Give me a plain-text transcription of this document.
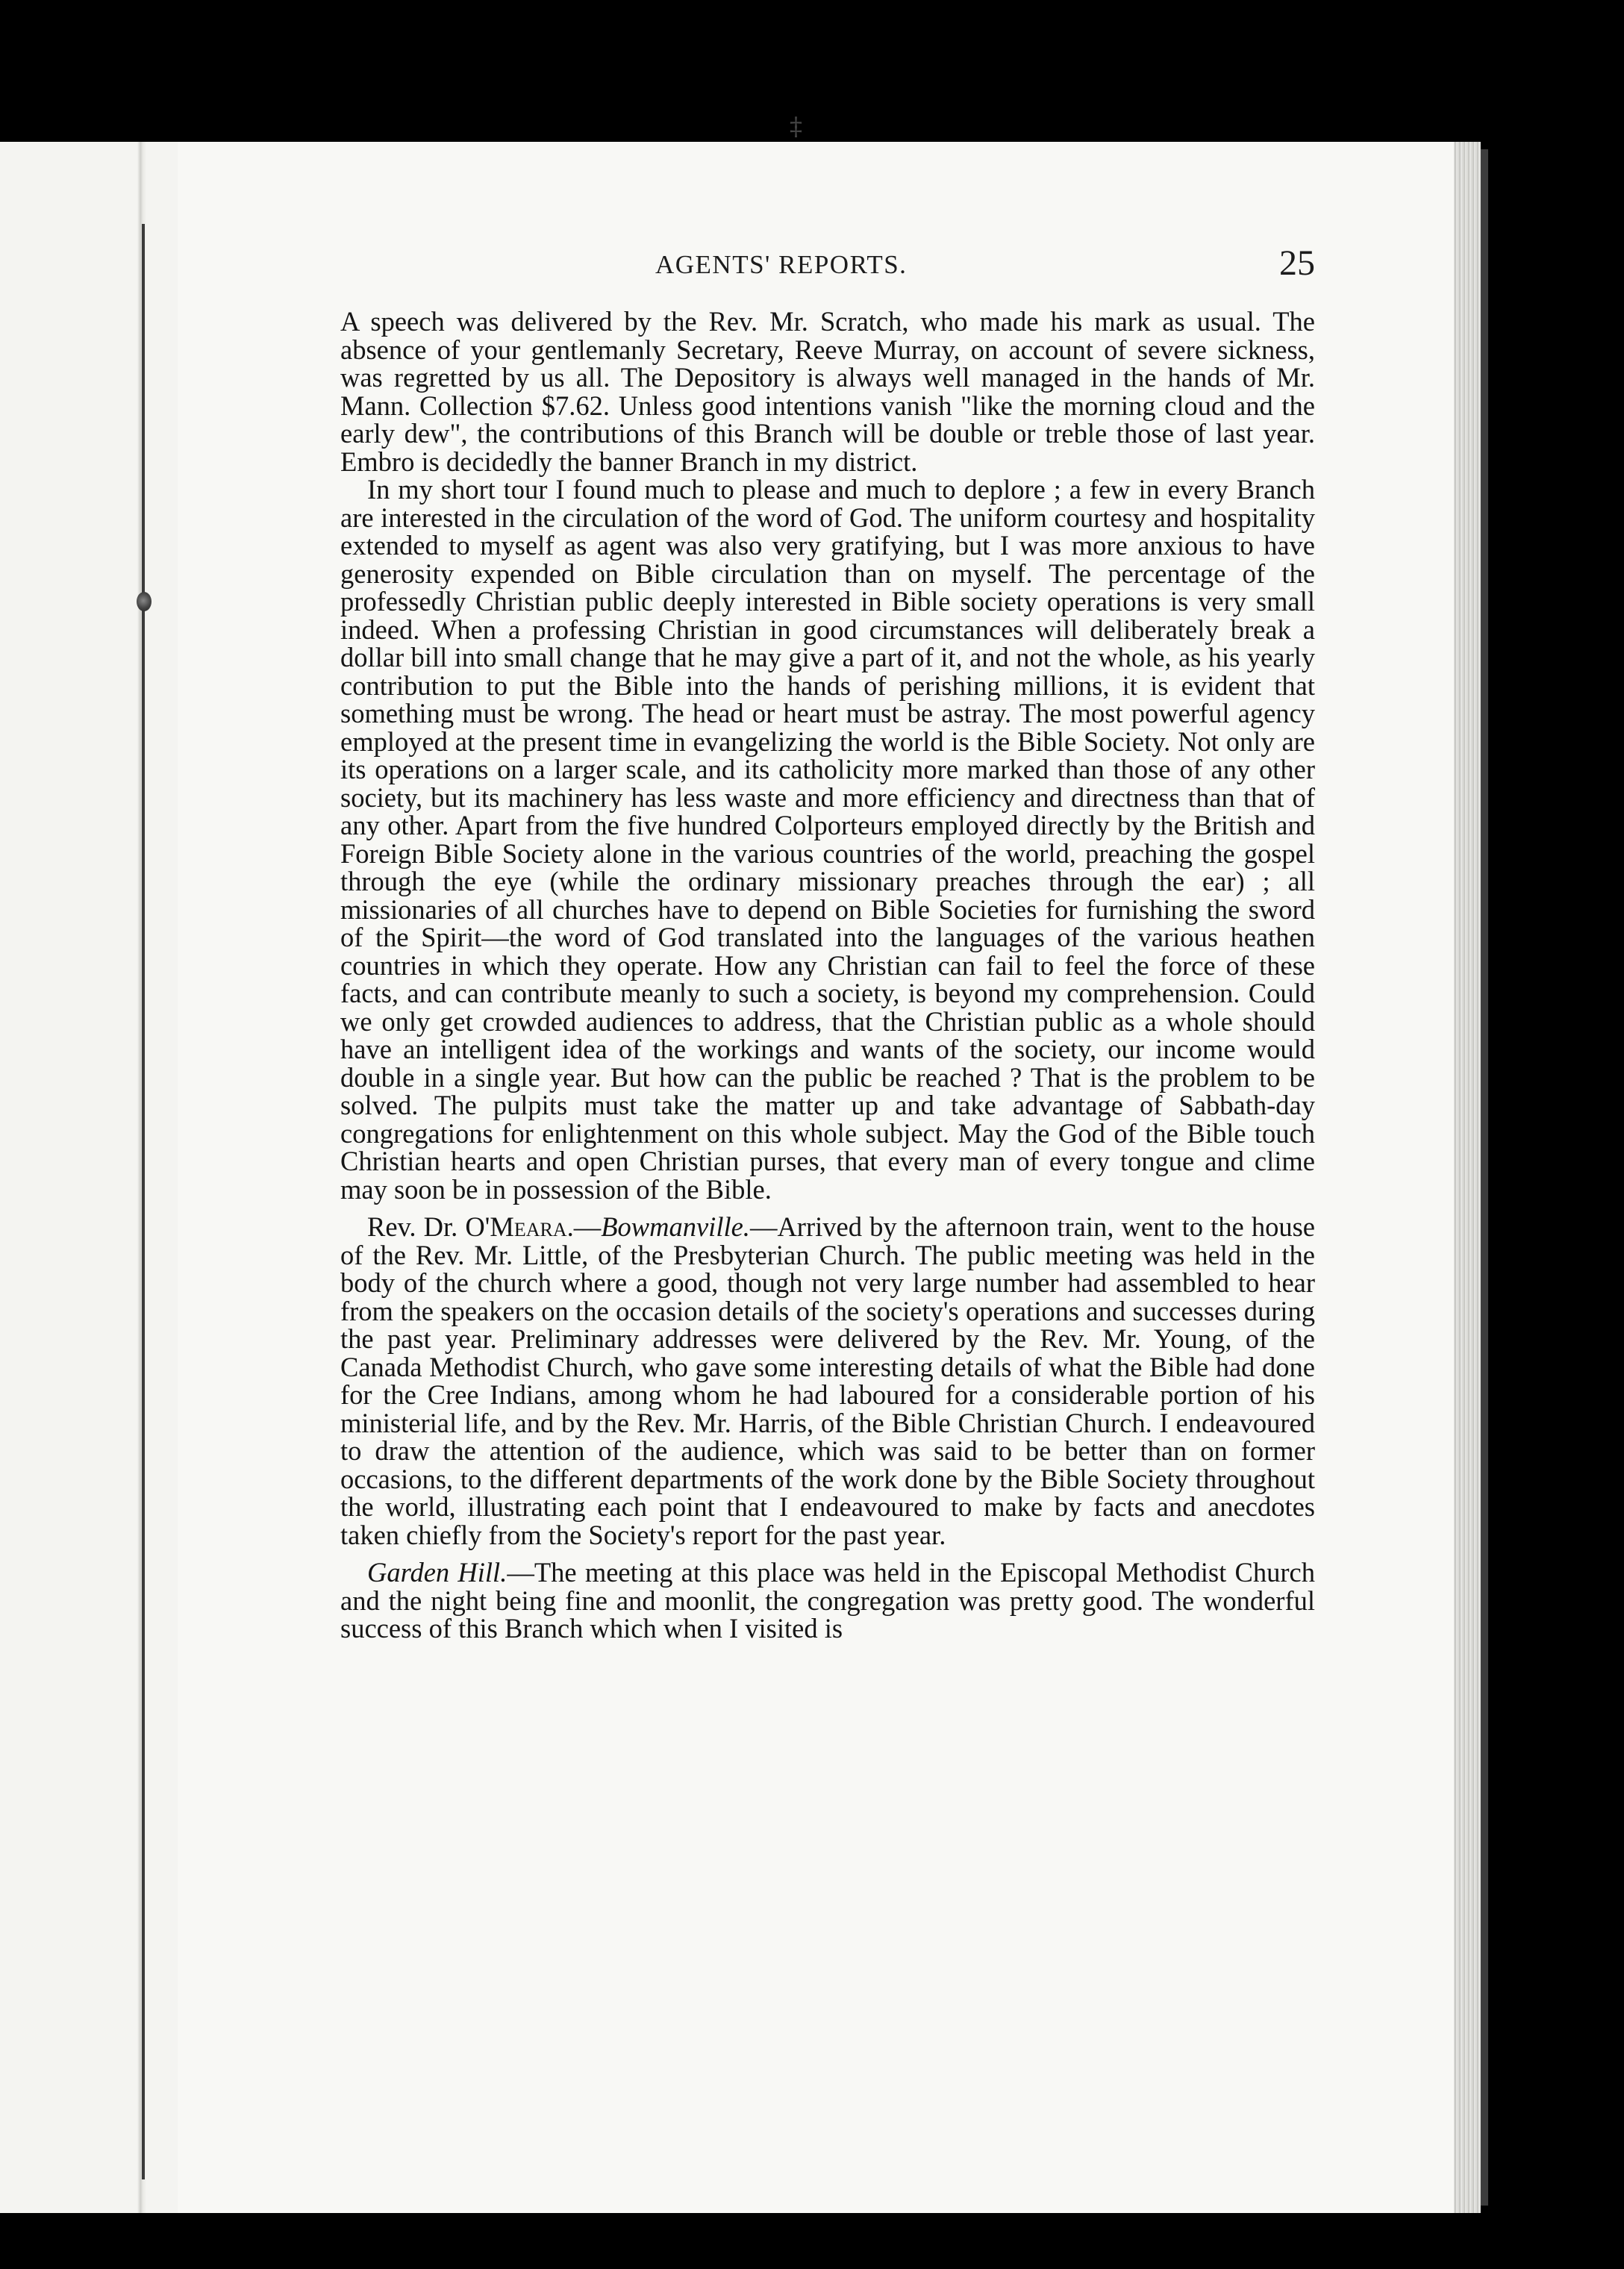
‡
AGENTS' REPORTS.	25

A speech was delivered by the Rev. Mr. Scratch, who made his mark as usual. The absence of your gentlemanly Secretary, Reeve Murray, on account of severe sickness, was regretted by us all. The Depository is always well managed in the hands of Mr. Mann. Collection $7.62. Unless good intentions vanish "like the morning cloud and the early dew", the contributions of this Branch will be double or treble those of last year. Embro is decidedly the banner Branch in my district.

In my short tour I found much to please and much to deplore ; a few in every Branch are interested in the circulation of the word of God. The uniform courtesy and hospitality extended to myself as agent was also very gratifying, but I was more anxious to have generosity expended on Bible circulation than on myself. The percentage of the professedly Christian public deeply interested in Bible society operations is very small indeed. When a professing Christian in good circumstances will deliberately break a dollar bill into small change that he may give a part of it, and not the whole, as his yearly contribution to put the Bible into the hands of perishing millions, it is evident that something must be wrong. The head or heart must be astray. The most powerful agency employed at the present time in evangelizing the world is the Bible Society. Not only are its operations on a larger scale, and its catholicity more marked than those of any other society, but its machinery has less waste and more efficiency and directness than that of any other. Apart from the five hundred Colporteurs employed directly by the British and Foreign Bible Society alone in the various countries of the world, preaching the gospel through the eye (while the ordinary missionary preaches through the ear) ; all missionaries of all churches have to depend on Bible Societies for furnishing the sword of the Spirit—the word of God translated into the languages of the various heathen countries in which they operate. How any Christian can fail to feel the force of these facts, and can contribute meanly to such a society, is beyond my comprehension. Could we only get crowded audiences to address, that the Christian public as a whole should have an intelligent idea of the workings and wants of the society, our income would double in a single year. But how can the public be reached ? That is the problem to be solved. The pulpits must take the matter up and take advantage of Sabbath-day congregations for enlightenment on this whole subject. May the God of the Bible touch Christian hearts and open Christian purses, that every man of every tongue and clime may soon be in possession of the Bible.

Rev. Dr. O'Meara.—Bowmanville.—Arrived by the afternoon train, went to the house of the Rev. Mr. Little, of the Presbyterian Church. The public meeting was held in the body of the church where a good, though not very large number had assembled to hear from the speakers on the occasion details of the society's operations and successes during the past year. Preliminary addresses were delivered by the Rev. Mr. Young, of the Canada Methodist Church, who gave some interesting details of what the Bible had done for the Cree Indians, among whom he had laboured for a considerable portion of his ministerial life, and by the Rev. Mr. Harris, of the Bible Christian Church. I endeavoured to draw the attention of the audience, which was said to be better than on former occasions, to the different departments of the work done by the Bible Society throughout the world, illustrating each point that I endeavoured to make by facts and anecdotes taken chiefly from the Society's report for the past year.

Garden Hill.—The meeting at this place was held in the Episcopal Methodist Church and the night being fine and moonlit, the congregation was pretty good. The wonderful success of this Branch which when I visited is
